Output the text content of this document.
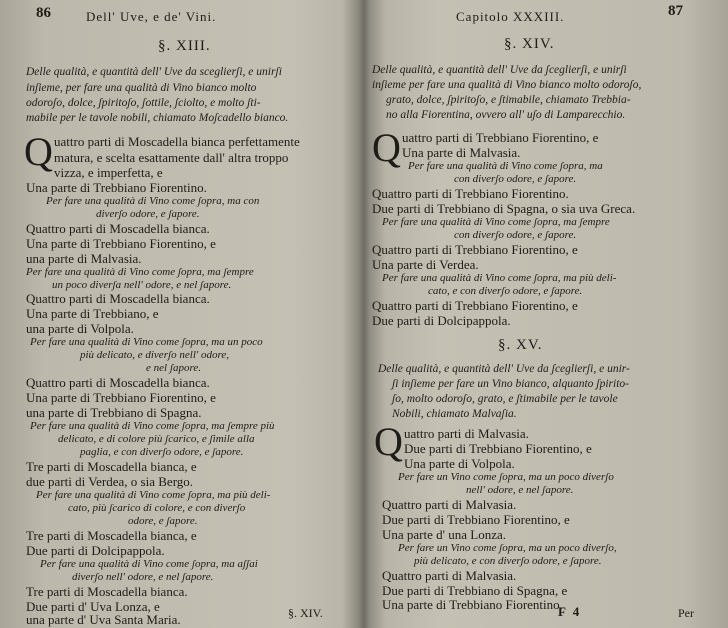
86	Dell' Uve, e de' Vini.
§. XIII.
Delle qualità, e quantità dell' Uve da sceglierʃi, e unirʃi
inʃieme, per fare una qualità di Vino bianco molto
odoroʃo, dolce, ʃpiritoʃo, ʃottile, ʃciolto, e molto ʃti-
mabile per le tavole nobili, chiamato Moʃcadello bianco.
Q uattro parti di Moscadella bianca perfettamente
matura, e scelta esattamente dall' altra troppo
vizza, e imperfetta, e
Una parte di Trebbiano Fiorentino.
Per fare una qualità di Vino come ʃopra, ma con
diverʃo odore, e ʃapore.
Quattro parti di Moscadella bianca.
Una parte di Trebbiano Fiorentino, e
una parte di Malvasia.
Per fare una qualità di Vino come ʃopra, ma ʃempre
un poco diverʃa nell' odore, e nel ʃapore.
Quattro parti di Moscadella bianca.
Una parte di Trebbiano, e
una parte di Volpola.
Per fare una qualità di Vino come ʃopra, ma un poco
più delicato, e diverʃo nell' odore,
e nel ʃapore.
Quattro parti di Moscadella bianca.
Una parte di Trebbiano Fiorentino, e
una parte di Trebbiano di Spagna.
Per fare una qualità di Vino come ʃopra, ma ʃempre più
delicato, e di colore più ʃcarico, e ʃimile alla
paglia, e con diverʃo odore, e ʃapore.
Tre parti di Moscadella bianca, e
due parti di Verdea, o sia Bergo.
Per fare una qualità di Vino come ʃopra, ma più deli-
cato, più ʃcarico di colore, e con diverʃo
odore, e ʃapore.
Tre parti di Moscadella bianca, e
Due parti di Dolcipappola.
Per fare una qualità di Vino come ʃopra, ma aʃʃai
diverʃo nell' odore, e nel ʃapore.
Tre parti di Moscadella bianca.
Due parti d' Uva Lonza, e
una parte d' Uva Santa Maria.	§. XIV.
Capitolo XXXIII.	87
§. XIV.
Delle qualità, e quantità dell' Uve da ʃceglierʃi, e unirʃi
inʃieme per fare una qualità di Vino bianco molto odoroʃo,
grato, dolce, ʃpiritoʃo, e ʃtimabile, chiamato Trebbia-
no alla Fiorentina, ovvero all' uʃo di Lamparecchio.
Q uattro parti di Trebbiano Fiorentino, e
Una parte di Malvasia.
Per fare una qualità di Vino come ʃopra, ma
con diverʃo odore, e ʃapore.
Quattro parti di Trebbiano Fiorentino.
Due parti di Trebbiano di Spagna, o sia uva Greca.
Per fare una qualità di Vino come ʃopra, ma ʃempre
con diverʃo odore, e ʃapore.
Quattro parti di Trebbiano Fiorentino, e
Una parte di Verdea.
Per fare una qualità di Vino come ʃopra, ma più deli-
cato, e con diverʃo odore, e ʃapore.
Quattro parti di Trebbiano Fiorentino, e
Due parti di Dolcipappola.
§. XV.
Delle qualità, e quantità dell' Uve da ʃceglierʃi, e unir-
ʃi inʃieme per fare un Vino bianco, alquanto ʃpirito-
ʃo, molto odoroʃo, grato, e ʃtimabile per le tavole
Nobili, chiamato Malvaʃia.
Q uattro parti di Malvasia.
Due parti di Trebbiano Fiorentino, e
Una parte di Volpola.
Per fare un Vino come ʃopra, ma un poco diverʃo
nell' odore, e nel ʃapore.
Quattro parti di Malvasia.
Due parti di Trebbiano Fiorentino, e
Una parte d' una Lonza.
Per fare un Vino come ʃopra, ma un poco diverʃo,
più delicato, e con diverʃo odore, e ʃapore.
Quattro parti di Malvasia.
Due parti di Trebbiano di Spagna, e
Una parte di Trebbiano Fiorentino.
F 4	Per
